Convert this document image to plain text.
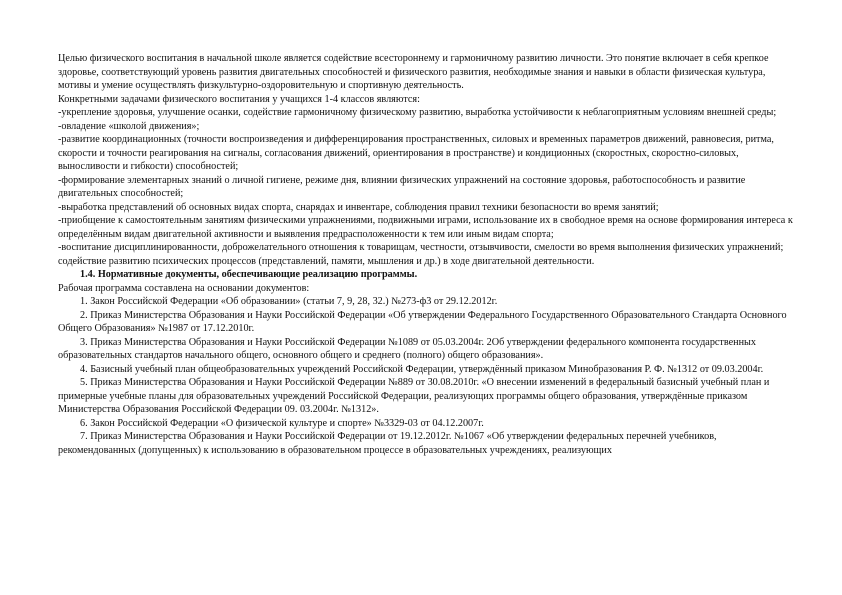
Целью физического воспитания в начальной школе является содействие всестороннему и гармоничному развитию личности. Это понятие включает в себя крепкое здоровье, соответствующий уровень развития двигательных способностей и физического развития, необходимые знания и навыки в области физическая культура, мотивы и умение осуществлять физкультурно-оздоровительную и спортивную деятельность.

Конкретными задачами физического воспитания у учащихся 1-4 классов являются:

-укрепление здоровья, улучшение осанки, содействие гармоничному физическому развитию, выработка устойчивости к неблагоприятным условиям внешней среды;

-овладение «школой движения»;

-развитие координационных (точности воспроизведения и дифференцирования пространственных, силовых и временных параметров движений, равновесия, ритма, скорости и точности реагирования на сигналы, согласования движений, ориентирования в пространстве) и кондиционных (скоростных, скоростно-силовых, выносливости и гибкости) способностей;

-формирование элементарных знаний о личной гигиене, режиме дня, влиянии физических упражнений на состояние здоровья, работоспособность и развитие двигательных способностей;

-выработка представлений об основных видах спорта, снарядах и инвентаре, соблюдения правил техники безопасности во время занятий;

-приобщение к самостоятельным занятиям физическими упражнениями, подвижными играми, использование их в свободное время на основе формирования интереса к определённым видам двигательной активности и выявления предрасположенности к тем или иным видам спорта;

-воспитание дисциплинированности, доброжелательного отношения к товарищам, честности, отзывчивости, смелости во время выполнения физических упражнений; содействие развитию психических процессов (представлений, памяти, мышления и др.) в ходе двигательной деятельности.

1.4. Нормативные документы, обеспечивающие реализацию программы.

Рабочая программа составлена на основании документов:

1. Закон Российской Федерации «Об образовании» (статьи 7, 9, 28, 32.) №273-ф3 от 29.12.2012г.

2. Приказ Министерства Образования и Науки Российской Федерации «Об утверждении Федерального Государственного Образовательного Стандарта Основного Общего Образования» №1987 от 17.12.2010г.

3. Приказ Министерства Образования и Науки Российской Федерации №1089 от 05.03.2004г. 2Об утверждении федерального компонента государственных образовательных стандартов начального общего, основного общего и среднего (полного) общего образования».

4. Базисный учебный план общеобразовательных учреждений Российской Федерации, утверждённый приказом Минобразования Р. Ф. №1312 от 09.03.2004г.

5. Приказ Министерства Образования и Науки Российской Федерации №889 от 30.08.2010г. «О внесении изменений в федеральный базисный учебный план и примерные учебные планы для образовательных учреждений Российской Федерации, реализующих программы общего образования, утверждённые приказом Министерства Образования Российской Федерации 09. 03.2004г. №1312».

6. Закон Российской Федерации «О физической культуре и спорте» №3329-03 от 04.12.2007г.

7. Приказ Министерства Образования и Науки Российской Федерации от 19.12.2012г. №1067 «Об утверждении федеральных перечней учебников, рекомендованных (допущенных) к использованию в образовательном процессе в образовательных учреждениях, реализующих
